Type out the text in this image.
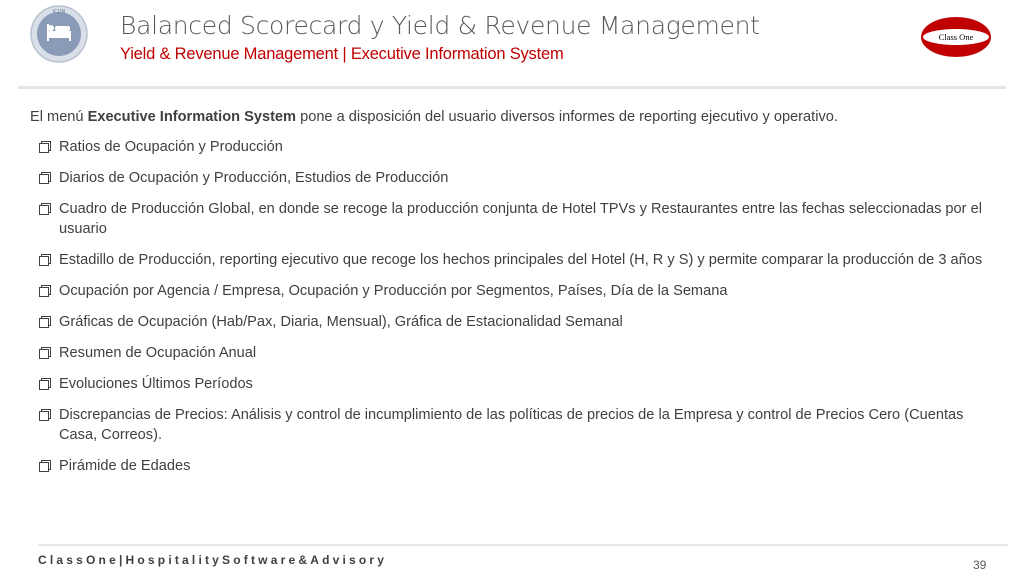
ICON Balanced Scorecard y Yield & Revenue Management
Yield & Revenue Management | Executive Information System
Class One

El menú Executive Information System pone a disposición del usuario diversos informes de reporting ejecutivo y operativo.

Ratios de Ocupación y Producción
Diarios de Ocupación y Producción, Estudios de Producción
Cuadro de Producción Global, en donde se recoge la producción conjunta de Hotel TPVs y Restaurantes entre las fechas seleccionadas por el usuario
Estadillo de Producción, reporting ejecutivo que recoge los hechos principales del Hotel (H, R y S) y permite comparar la producción de 3 años
Ocupación por Agencia / Empresa, Ocupación y Producción por Segmentos, Países, Día de la Semana
Gráficas de Ocupación (Hab/Pax, Diaria, Mensual), Gráfica de Estacionalidad Semanal
Resumen de Ocupación Anual
Evoluciones Últimos Períodos
Discrepancias de Precios: Análisis y control de incumplimiento de las políticas de precios de la Empresa y control de Precios Cero (Cuentas Casa, Correos).
Pirámide de Edades
ClassOne|HospitalitySoftware&Advisory	39
